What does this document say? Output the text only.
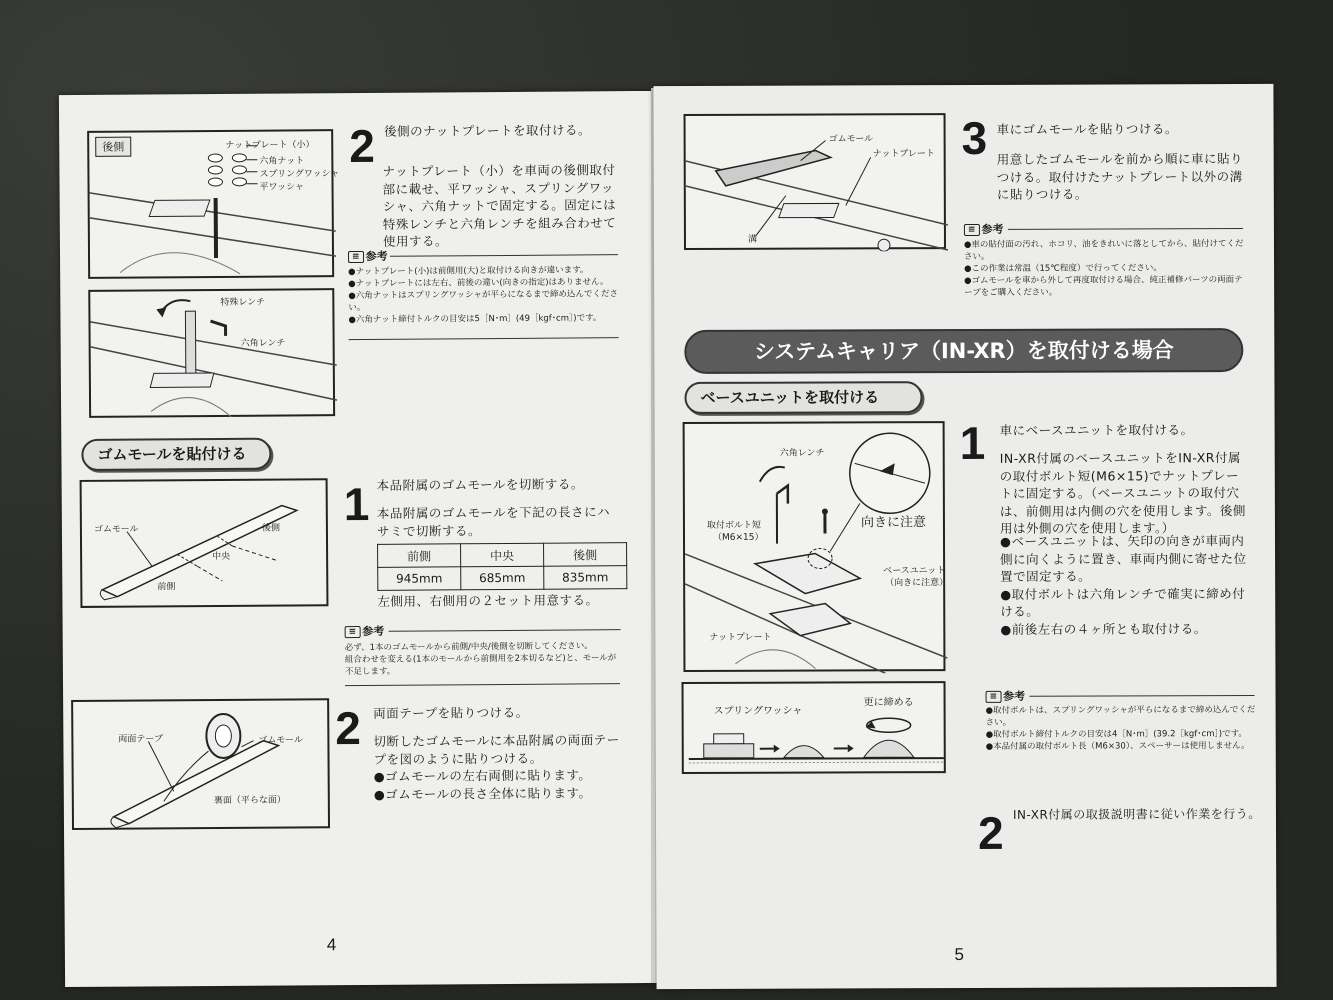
後側	ナットプレート（小）
六角ナット
スプリングワッシャ
平ワッシャ
特殊レンチ
六角レンチ
2 後側のナットプレートを取付ける。
ナットプレート（小）を車両の後側取付部に載せ、平ワッシャ、スプリングワッシャ、六角ナットで固定する。固定には特殊レンチと六角レンチを組み合わせて使用する。
≡ 参考
●ナットプレート(小)は前側用(大)と取付ける向きが違います。
●ナットプレートには左右、前後の違い(向きの指定)はありません。
●六角ナットはスプリングワッシャが平らになるまで締め込んでください。
●六角ナット締付トルクの目安は5［N･m］(49［kgf･cm］)です。
ゴムモールを貼付ける
ゴムモール	後側
中央
前側
1 本品附属のゴムモールを切断する。
本品附属のゴムモールを下記の長さにハサミで切断する。
前側	中央	後側
945mm	685mm	835mm
左側用、右側用の２セット用意する。
≡ 参考
必ず、1本のゴムモールから前側/中央/後側を切断してください。
組合わせを変える(1本のモールから前側用を2本切るなど)と、モールが不足します。
両面テープ	ゴムモール
裏面（平らな面）
2 両面テープを貼りつける。
切断したゴムモールに本品附属の両面テープを図のように貼りつける。
●ゴムモールの左右両側に貼ります。
●ゴムモールの長さ全体に貼ります。
4
ゴムモール
ナットプレート
溝
3 車にゴムモールを貼りつける。
用意したゴムモールを前から順に車に貼りつける。取付けたナットプレート以外の溝に貼りつける。
≡ 参考
●車の貼付面の汚れ、ホコリ、油をきれいに落としてから、貼付けてください。
●この作業は常温（15℃程度）で行ってください。
●ゴムモールを車から外して再度取付ける場合、純正補修パーツの両面テープをご購入ください。
システムキャリア（IN-XR）を取付ける場合
ベースユニットを取付ける
六角レンチ
取付ボルト短
（M6×15）
向きに注意
ベースユニット
（向きに注意）
ナットプレート
スプリングワッシャ
更に締める
1 車にベースユニットを取付ける。
IN-XR付属のベースユニットをIN-XR付属の取付ボルト短(M6×15)でナットプレートに固定する。（ベースユニットの取付穴は、前側用は内側の穴を使用します。後側用は外側の穴を使用します。）
●ベースユニットは、矢印の向きが車両内側に向くように置き、車両内側に寄せた位置で固定する。
●取付ボルトは六角レンチで確実に締め付ける。
●前後左右の４ヶ所とも取付ける。
≡ 参考
●取付ボルトは、スプリングワッシャが平らになるまで締め込んでください。
●取付ボルト締付トルクの目安は4［N･m］(39.2［kgf･cm］)です。
●本品付属の取付ボルト長（M6×30）、スペーサーは使用しません。
2 IN-XR付属の取扱説明書に従い作業を行う。
5
